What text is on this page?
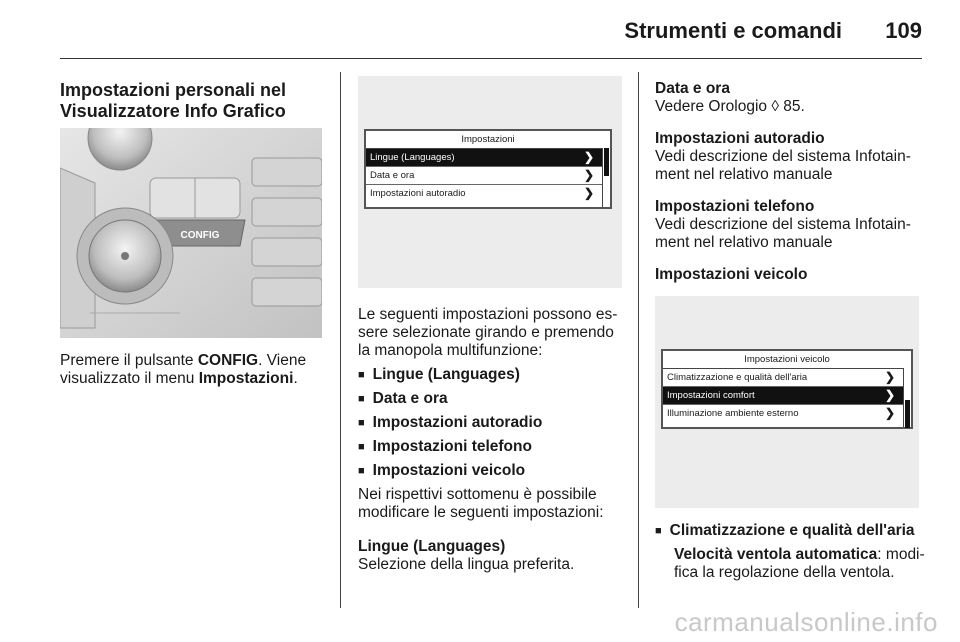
Strumenti e comandi 109
Impostazioni personali nel
Visualizzatore Info Grafico
CONFIG

Premere il pulsante CONFIG. Viene visualizzato il menu Impostazioni.

Impostazioni
Lingue (Languages)	❯
Data e ora	❯
Impostazioni autoradio	❯

Le seguenti impostazioni possono es-sere selezionate girando e premendo la manopola multifunzione:

■ Lingue (Languages)
■ Data e ora
■ Impostazioni autoradio
■ Impostazioni telefono
■ Impostazioni veicolo

Nei rispettivi sottomenu è possibile modificare le seguenti impostazioni:

Lingue (Languages)

Selezione della lingua preferita.

Data e ora

Vedere Orologio ◊ 85.

Impostazioni autoradio

Vedi descrizione del sistema Infotain-ment nel relativo manuale

Impostazioni telefono

Vedi descrizione del sistema Infotain-ment nel relativo manuale

Impostazioni veicolo

Impostazioni veicolo
Climatizzazione e qualità dell'aria	❯
Impostazioni comfort	❯
Illuminazione ambiente esterno	❯
■ Climatizzazione e qualità dell'aria

Velocità ventola automatica: modi-fica la regolazione della ventola.

carmanualsonline.info
